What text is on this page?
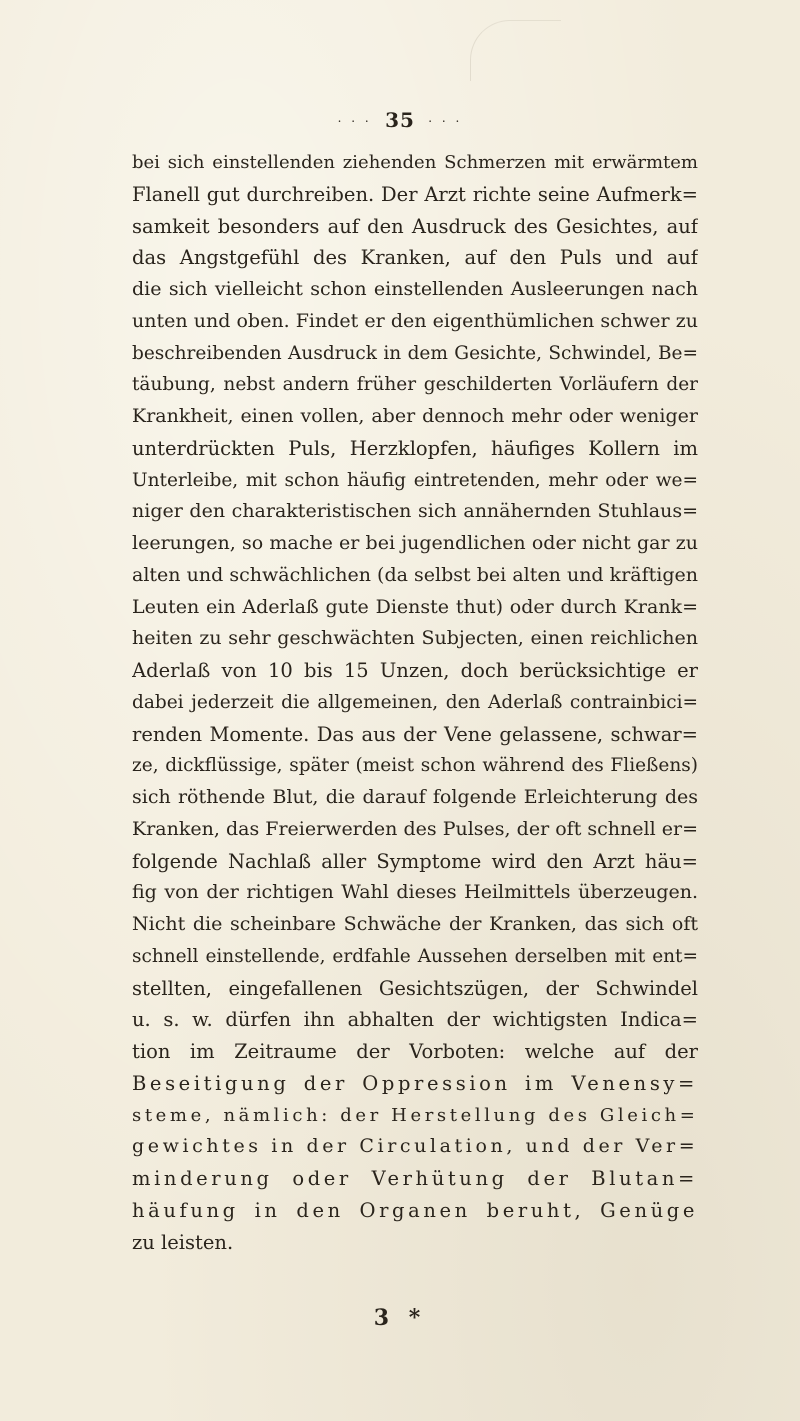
· · · 35 · · ·
bei sich einstellenden ziehenden Schmerzen mit erwärmtem
Flanell gut durchreiben. Der Arzt richte seine Aufmerk=
samkeit besonders auf den Ausdruck des Gesichtes, auf
das Angstgefühl des Kranken, auf den Puls und auf
die sich vielleicht schon einstellenden Ausleerungen nach
unten und oben. Findet er den eigenthümlichen schwer zu
beschreibenden Ausdruck in dem Gesichte, Schwindel, Be=
täubung, nebst andern früher geschilderten Vorläufern der
Krankheit, einen vollen, aber dennoch mehr oder weniger
unterdrückten Puls, Herzklopfen, häufiges Kollern im
Unterleibe, mit schon häufig eintretenden, mehr oder we=
niger den charakteristischen sich annähernden Stuhlaus=
leerungen, so mache er bei jugendlichen oder nicht gar zu
alten und schwächlichen (da selbst bei alten und kräftigen
Leuten ein Aderlaß gute Dienste thut) oder durch Krank=
heiten zu sehr geschwächten Subjecten, einen reichlichen
Aderlaß von 10 bis 15 Unzen, doch berücksichtige er
dabei jederzeit die allgemeinen, den Aderlaß contrainbici=
renden Momente. Das aus der Vene gelassene, schwar=
ze, dickflüssige, später (meist schon während des Fließens)
sich röthende Blut, die darauf folgende Erleichterung des
Kranken, das Freierwerden des Pulses, der oft schnell er=
folgende Nachlaß aller Symptome wird den Arzt häu=
fig von der richtigen Wahl dieses Heilmittels überzeugen.
Nicht die scheinbare Schwäche der Kranken, das sich oft
schnell einstellende, erdfahle Aussehen derselben mit ent=
stellten, eingefallenen Gesichtszügen, der Schwindel
u. s. w. dürfen ihn abhalten der wichtigsten Indica=
tion im Zeitraume der Vorboten: welche auf der
Beseitigung der Oppression im Venensy=
steme, nämlich: der Herstellung des Gleich=
gewichtes in der Circulation, und der Ver=
minderung oder Verhütung der Blutan=
häufung in den Organen beruht, Genüge
zu leisten.
3 *
